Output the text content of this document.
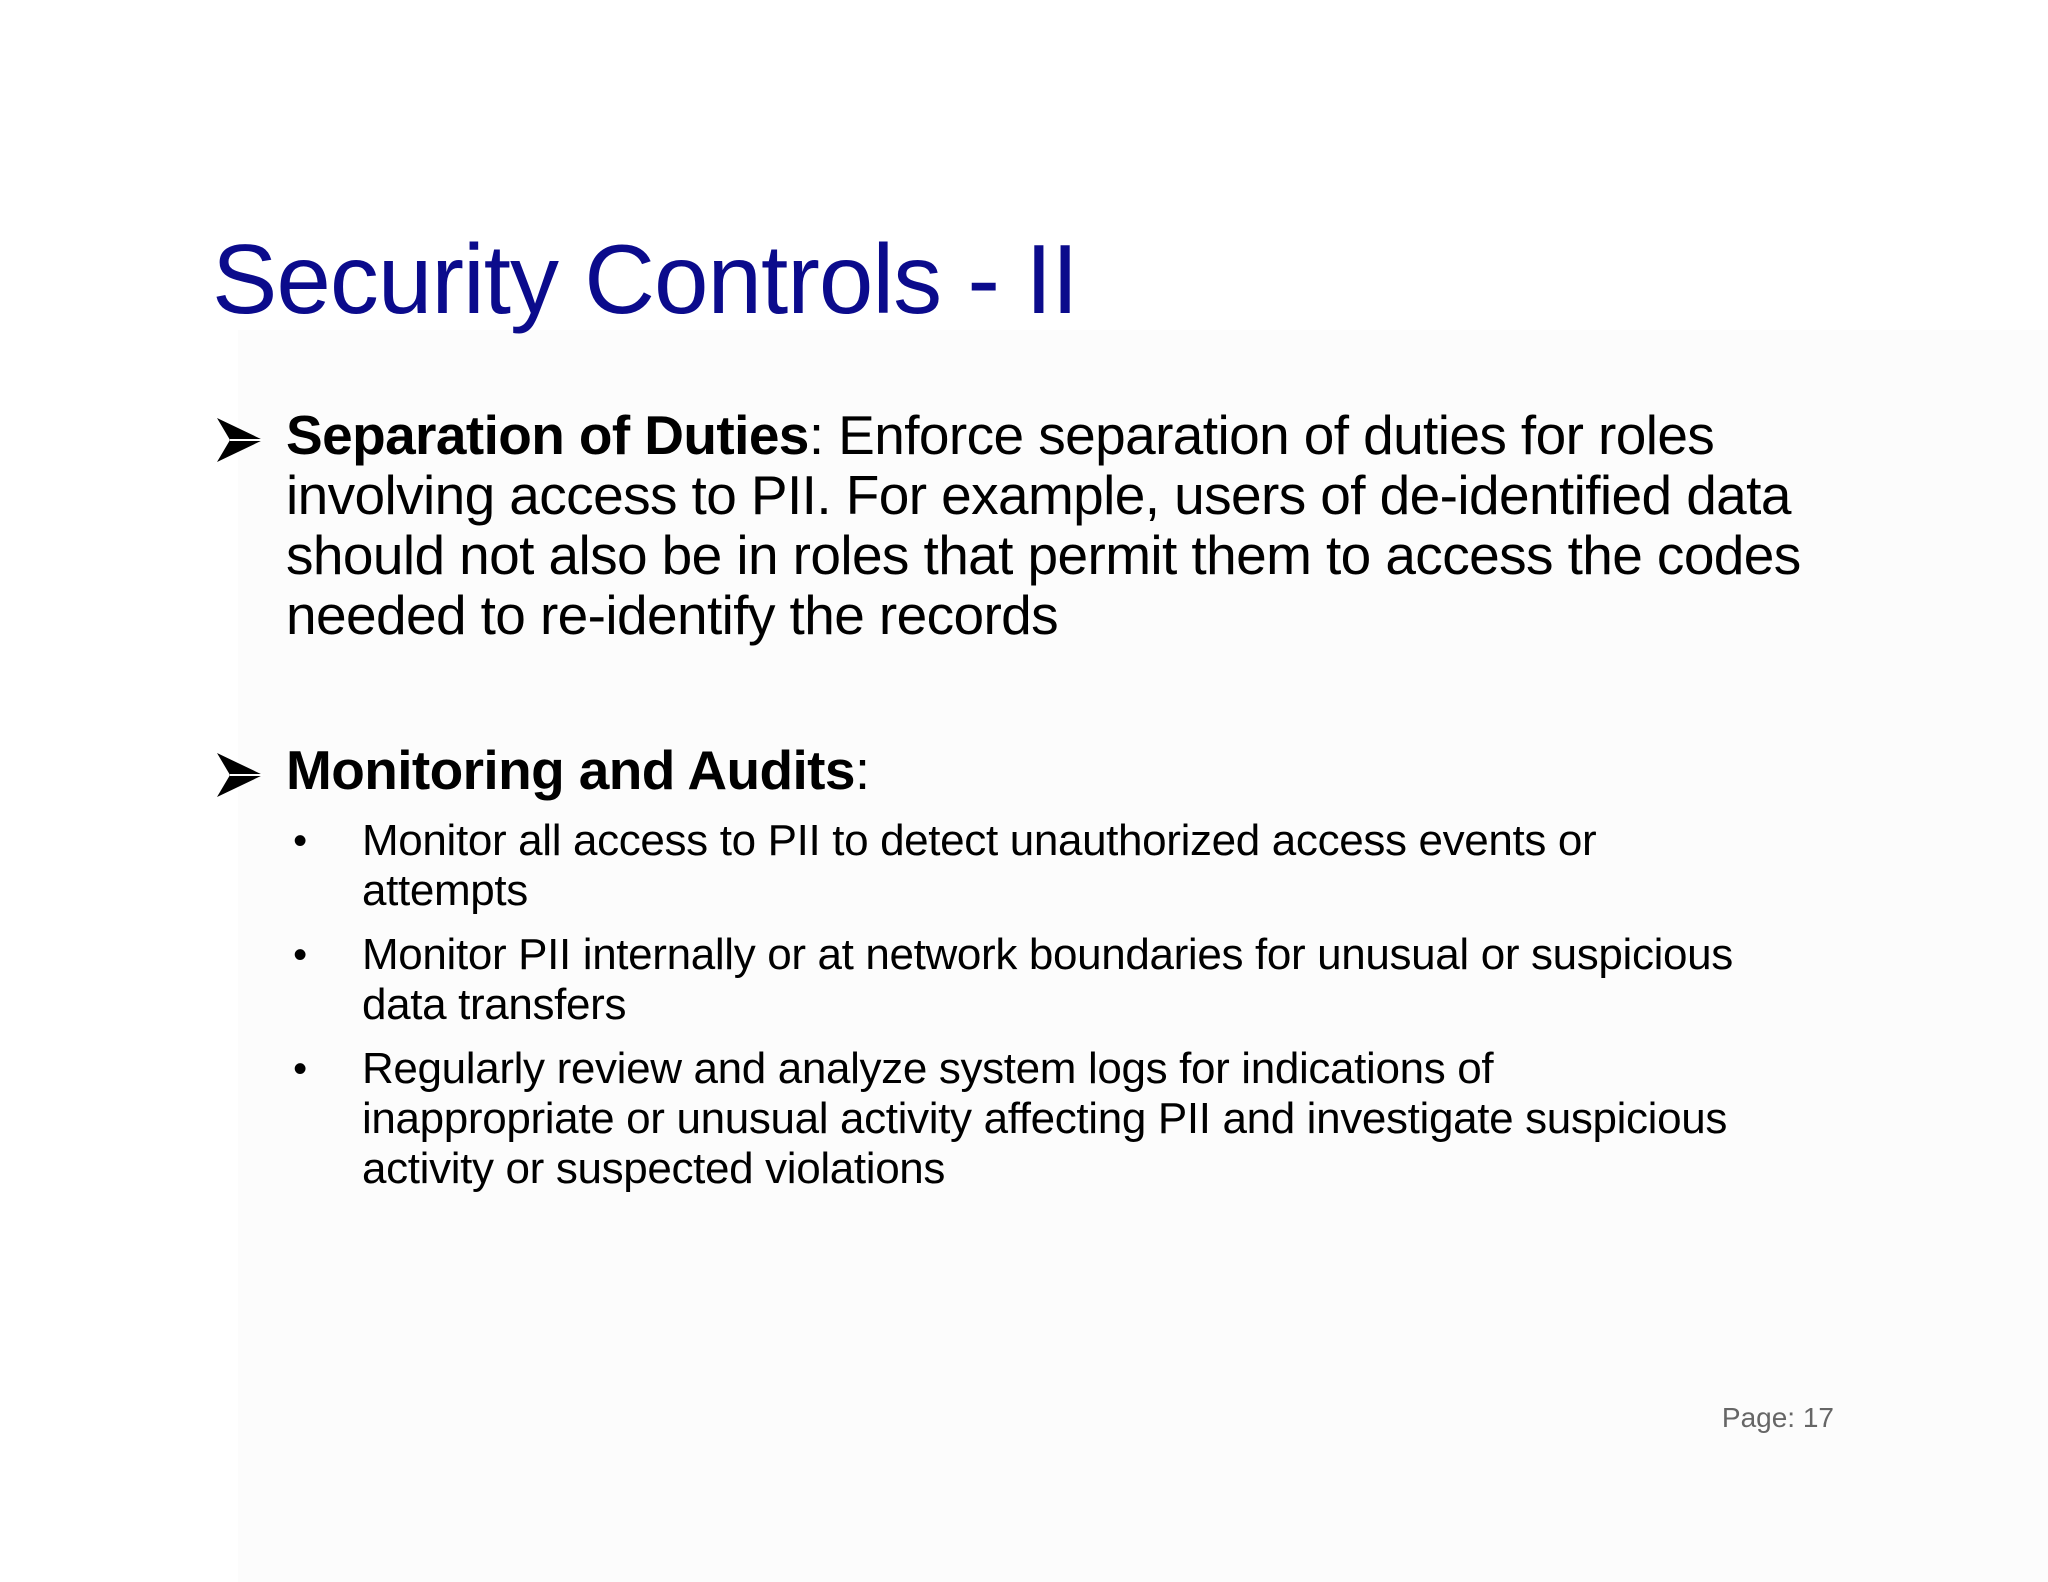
Security Controls - II
Separation of Duties: Enforce separation of duties for roles involving access to PII. For example, users of de-identified data should not also be in roles that permit them to access the codes needed to re-identify the records
Monitoring and Audits:
• Monitor all access to PII to detect unauthorized access events or attempts
• Monitor PII internally or at network boundaries for unusual or suspicious data transfers
• Regularly review and analyze system logs for indications of inappropriate or unusual activity affecting PII and investigate suspicious activity or suspected violations
Page: 17
